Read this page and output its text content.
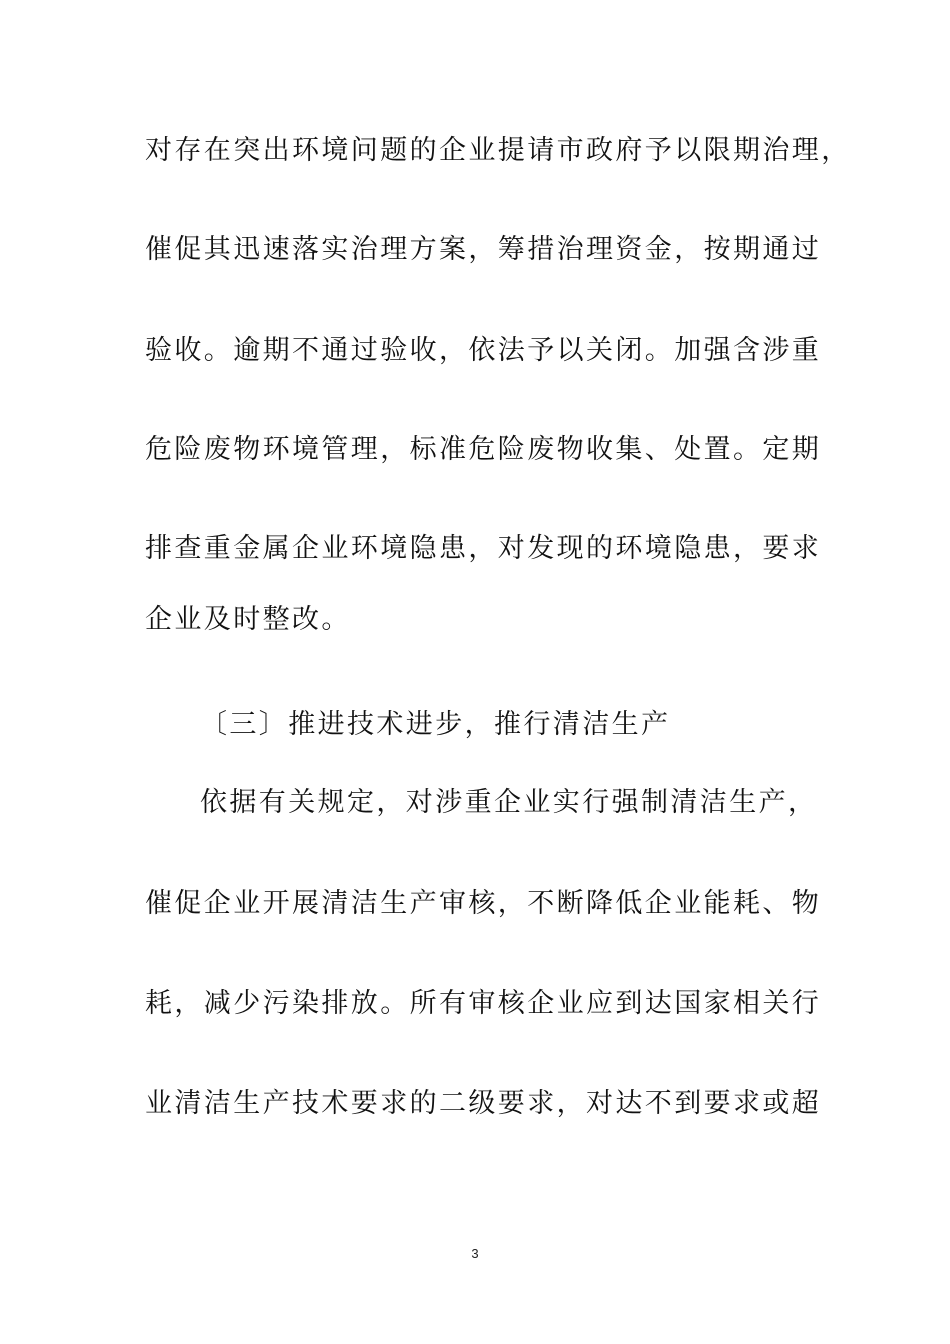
对存在突出环境问题的企业提请市政府予以限期治理，
催促其迅速落实治理方案，筹措治理资金，按期通过
验收。逾期不通过验收，依法予以关闭。加强含涉重
危险废物环境管理，标准危险废物收集、处置。定期
排查重金属企业环境隐患，对发现的环境隐患，要求
企业及时整改。
〔三〕推进技术进步，推行清洁生产
依据有关规定，对涉重企业实行强制清洁生产，
催促企业开展清洁生产审核，不断降低企业能耗、物
耗，减少污染排放。所有审核企业应到达国家相关行
业清洁生产技术要求的二级要求，对达不到要求或超
3
